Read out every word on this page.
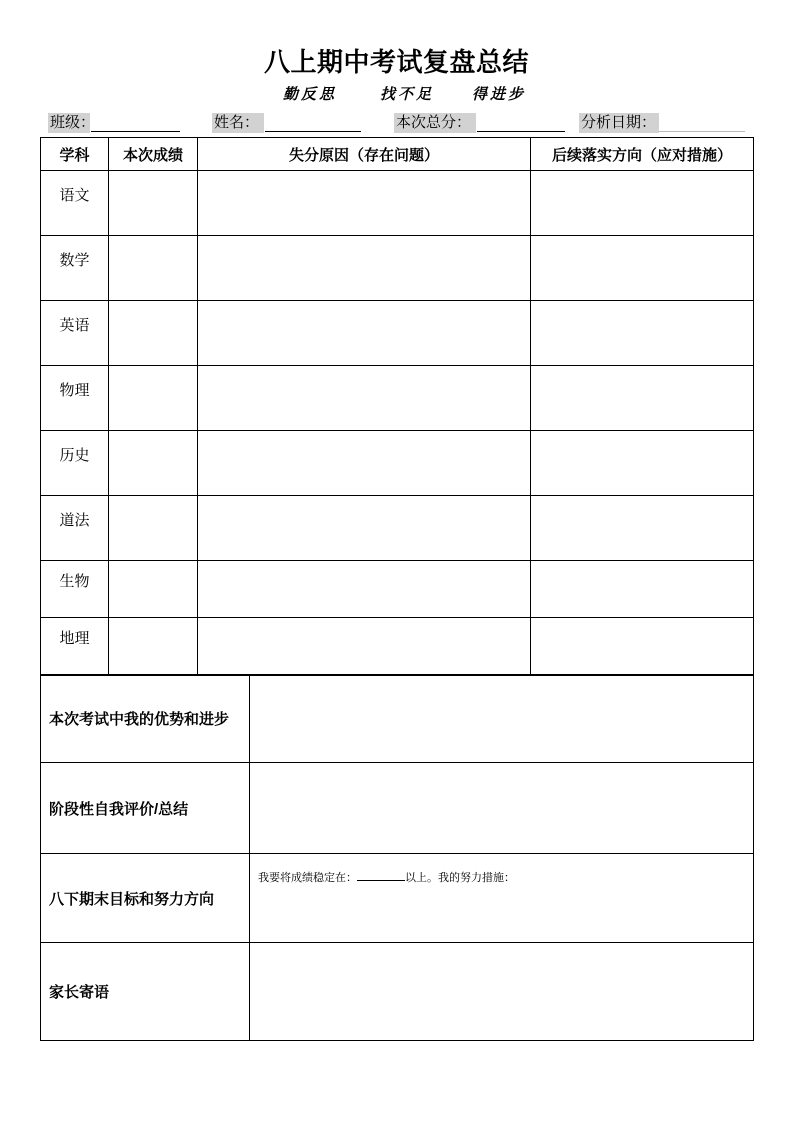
八上期中考试复盘总结
勤反思	找不足	得进步
班级：	姓名：	本次总分：	分析日期：
学科	本次成绩	失分原因（存在问题）	后续落实方向（应对措施）
语文			
数学			
英语			
物理			
历史			
道法			
生物			
地理			
本次考试中我的优势和进步	
阶段性自我评价/总结	
八下期末目标和努力方向	我要将成绩稳定在： 以上。我的努力措施：
家长寄语	
